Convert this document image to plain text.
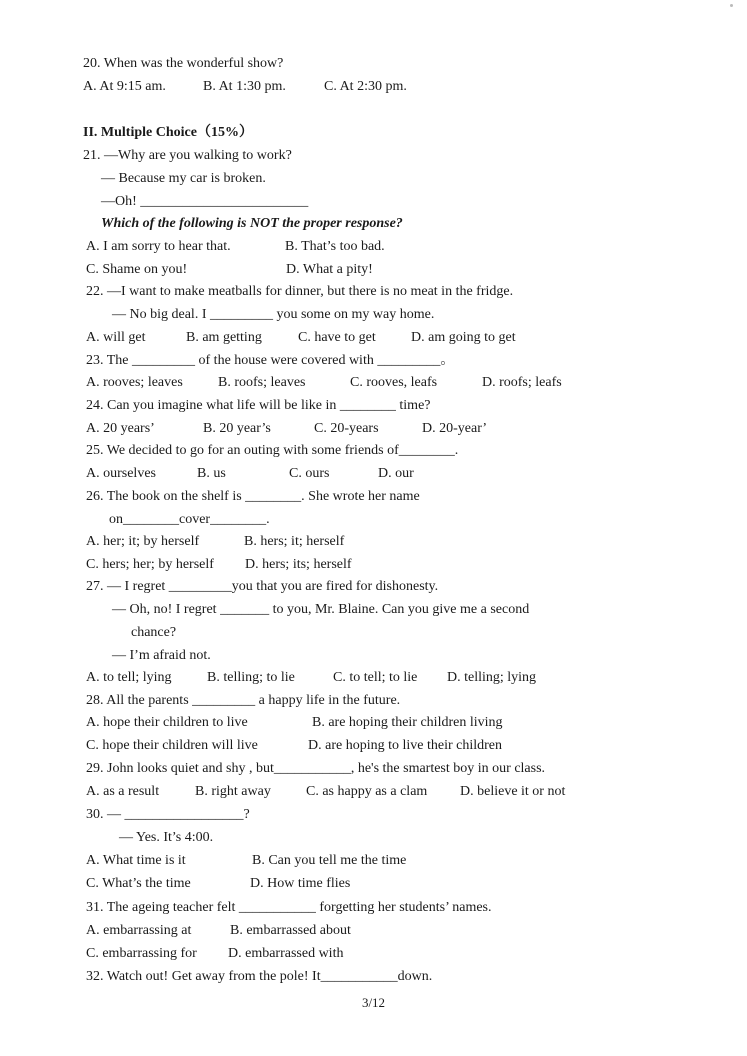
20. When was the wonderful show?
A. At 9:15 am.	B. At 1:30 pm.	C. At 2:30 pm.
II. Multiple Choice（15%）
21. —Why are you walking to work?
— Because my car is broken.
—Oh! ________________________
Which of the following is NOT the proper response?
A. I am sorry to hear that.	B. That’s too bad.
C. Shame on you!	D. What a pity!
22. —I want to make meatballs for dinner, but there is no meat in the fridge.
— No big deal. I _________ you some on my way home.
A. will get	B. am getting	C. have to get	D. am going to get
23. The _________ of the house were covered with _________。
A. rooves; leaves	B. roofs; leaves	C. rooves, leafs	D. roofs; leafs
24. Can you imagine what life will be like in ________ time?
A. 20 years’	B. 20 year’s	C. 20-years	D. 20-year’
25. We decided to go for an outing with some friends of________.
A. ourselves	B. us	C. ours	D. our
26. The book on the shelf is ________. She wrote her name
on________cover________.
A. her; it; by herself	B. hers; it; herself
C. hers; her; by herself D. hers; its; herself
27. — I regret _________you that you are fired for dishonesty.
— Oh, no! I regret _______ to you, Mr. Blaine. Can you give me a second
chance?
— I’m afraid not.
A. to tell; lying	B. telling; to lie	C. to tell; to lie D. telling; lying
28. All the parents _________ a happy life in the future.
A. hope their children to live	B. are hoping their children living
C. hope their children will live	D. are hoping to live their children
29. John looks quiet and shy , but___________, he's the smartest boy in our class.
A. as a result	B. right away	C. as happy as a clam D. believe it or not
30. — _________________?
— Yes. It’s 4:00.
A. What time is it	B. Can you tell me the time
C. What’s the time	D. How time flies
31. The ageing teacher felt ___________ forgetting her students’ names.
A. embarrassing at	B. embarrassed about
C. embarrassing for D. embarrassed with
32. Watch out! Get away from the pole! It___________down.
3/12
